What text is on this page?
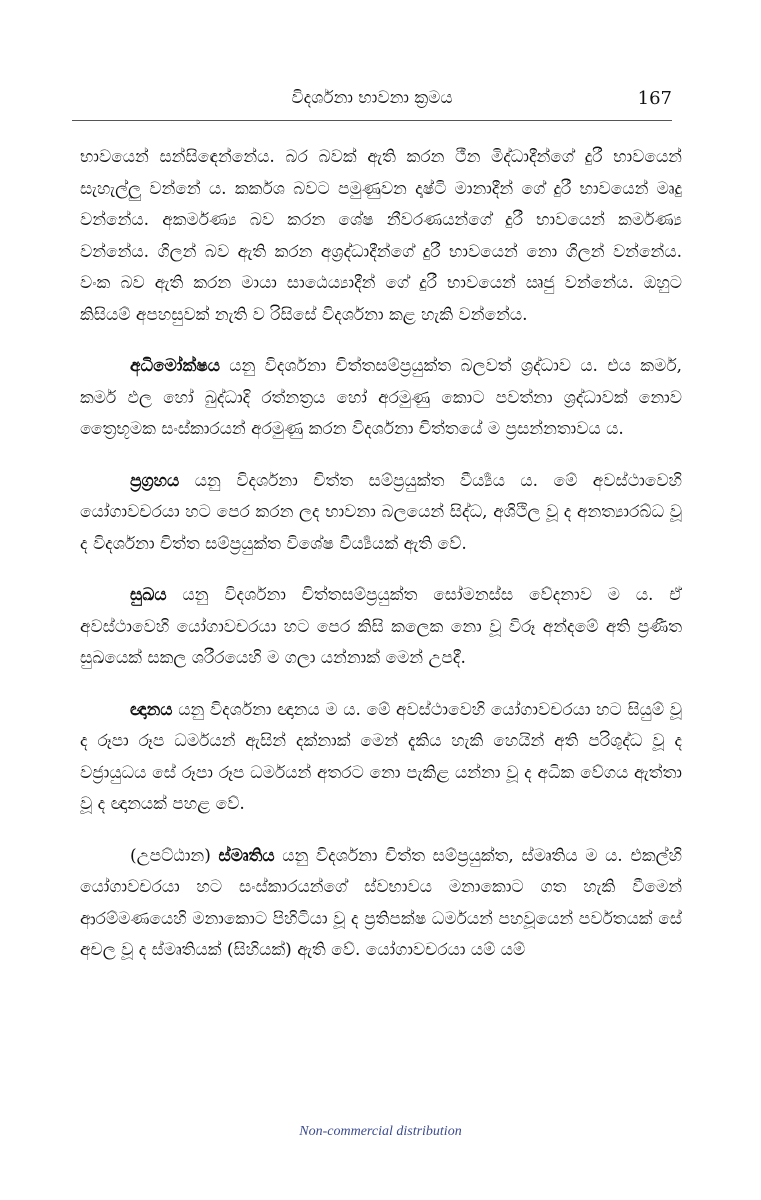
විදර්ශනා භාවනා ක්‍රමය	167

භාවයෙන් සන්සිඳෙන්නේය. බර බවක් ඇති කරන ථීන මිද්ධාදීන්ගේ දුරී භාවයෙන් සැහැල්ලු වන්නේ ය. කර්කශ බවට පමුණුවන දෘෂ්ටි මානාදීන් ගේ දුරී භාවයෙන් මෘදු වන්නේය. අකර්මණ්‍ය බව කරන ශේෂ නීවරණයන්ගේ දුරී භාවයෙන් කර්මණ්‍ය වන්නේය. ගිලන් බව ඇති කරන අශ්‍රද්ධාදීන්ගේ දුරී භාවයෙන් නො ගිලන් වන්නේය. වංක බව ඇති කරන මායා සාඨෙය්‍යාදීන් ගේ දුරී භාවයෙන් ඍජු වන්නේය. ඔහුට කිසියම් අපහසුවක් නැති ව රිසිසේ විදර්ශනා කළ හැකි වන්නේය.

අධිමෝක්ෂය යනු විදර්ශනා චිත්තසම්ප්‍රයුක්ත බලවත් ශ්‍රද්ධාව ය. එය කර්ම, කර්ම ඵල හෝ බුද්ධාදි රත්නත්‍රය හෝ අරමුණු කොට පවත්නා ශ්‍රද්ධාවක් නොව ත්‍රෛභූමක සංස්කාරයන් අරමුණු කරන විදර්ශනා චිත්තයේ ම ප්‍රසන්නතාවය ය.

ප්‍රග්‍රහය යනු විදර්ශනා චිත්ත සම්ප්‍රයුක්ත වීර්‍ය්‍යය ය. මේ අවස්ථාවෙහි යෝගාවචරයා හට පෙර කරන ලද භාවනා බලයෙන් සිද්ධ, අශිථිල වූ ද අනත්‍යාරබ්ධ වූ ද විදර්ශනා චිත්ත සම්ප්‍රයුක්ත විශේෂ වීර්‍ය්‍යයක් ඇති වේ.

සුඛය යනු විදර්ශනා චිත්තසම්ප්‍රයුක්ත සෝමනස්ස වේදනාව ම ය. ඒ අවස්ථාවෙහි යෝගාවචරයා හට පෙර කිසි කලෙක නො වූ විරූ අන්දමේ අති ප්‍රණීත සුඛයෙක් සකල ශරීරයෙහි ම ගලා යන්නාක් මෙන් උපදී.

ඥානය යනු විදර්ශනා ඥානය ම ය. මේ අවස්ථාවෙහි යෝගාවචරයා හට සියුම් වූ ද රූපා රූප ධර්මයන් ඇසින් දක්නාක් මෙන් දැකිය හැකි හෙයින් අති පරිශුද්ධ වූ ද වජ්‍රායුධය සේ රූපා රූප ධර්මයන් අතරට නො පැකිළ යන්නා වූ ද අධික වේගය ඇත්තා වූ ද ඥානයක් පහළ වේ.

(උපට්ඨාන) ස්මෘතිය යනු විදර්ශනා චිත්ත සම්ප්‍රයුක්ත, ස්මෘතිය ම ය. එකල්හි යෝගාවචරයා හට සංස්කාරයන්ගේ ස්වභාවය මනාකොට ගත හැකි වීමෙන් ආරම්මණයෙහි මනාකොට පිහිටියා වූ ද ප්‍රතිපක්ෂ ධර්මයන් පහවූයෙන් පර්වතයක් සේ අචල වූ ද ස්මෘතියක් (සිහියක්) ඇති වේ. යෝගාවචරයා යම් යම්

Non-commercial distribution
